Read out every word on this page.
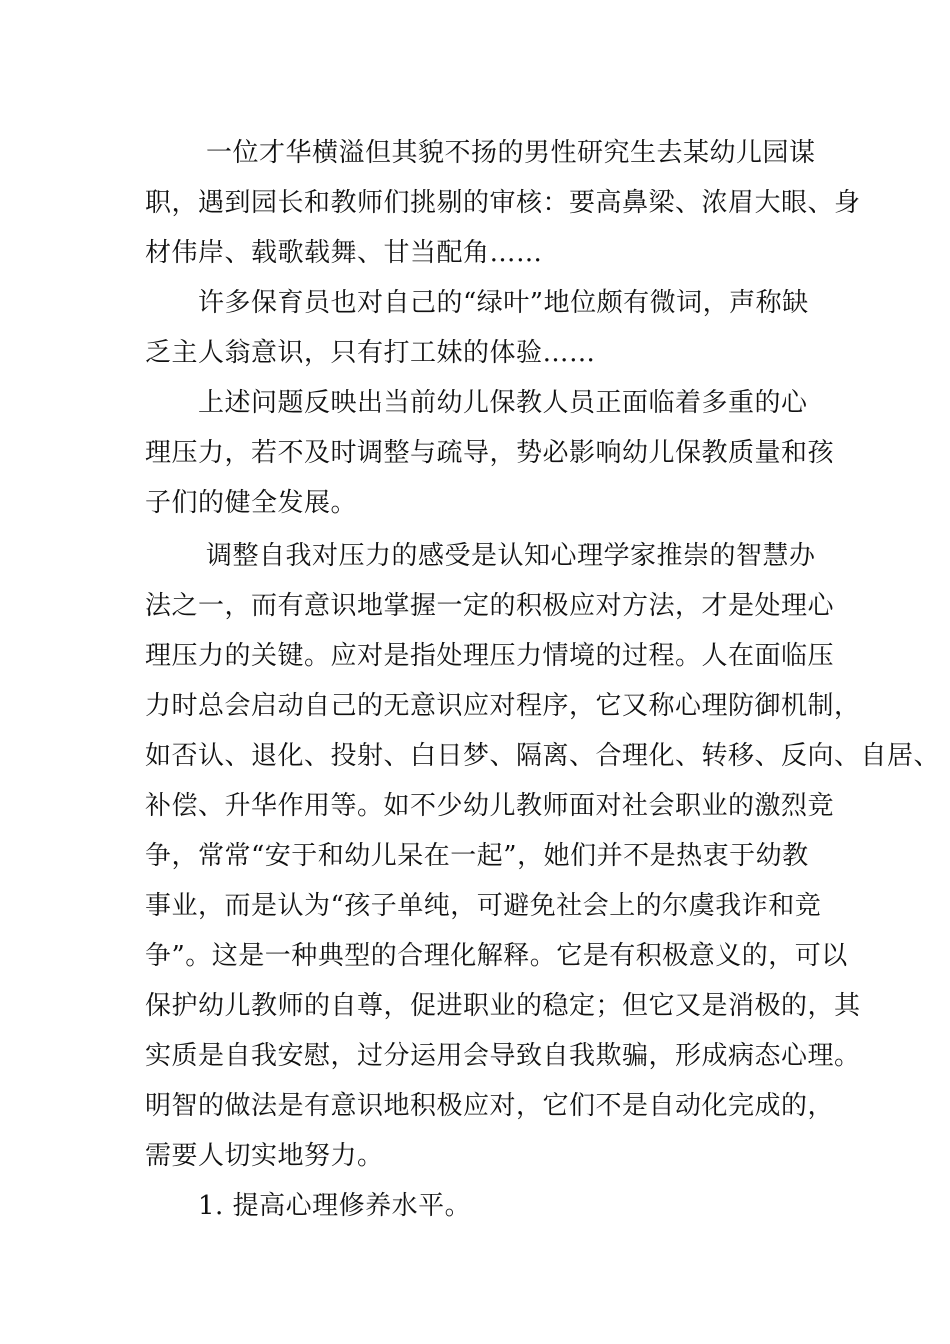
一位才华横溢但其貌不扬的男性研究生去某幼儿园谋
职，遇到园长和教师们挑剔的审核：要高鼻梁、浓眉大眼、身
材伟岸、载歌载舞、甘当配角……
许多保育员也对自己的“绿叶”地位颇有微词，声称缺
乏主人翁意识，只有打工妹的体验……
上述问题反映出当前幼儿保教人员正面临着多重的心
理压力，若不及时调整与疏导，势必影响幼儿保教质量和孩
子们的健全发展。
调整自我对压力的感受是认知心理学家推崇的智慧办
法之一，而有意识地掌握一定的积极应对方法，才是处理心
理压力的关键。应对是指处理压力情境的过程。人在面临压
力时总会启动自己的无意识应对程序，它又称心理防御机制，
如否认、退化、投射、白日梦、隔离、合理化、转移、反向、自居、
补偿、升华作用等。如不少幼儿教师面对社会职业的激烈竞
争，常常“安于和幼儿呆在一起”，她们并不是热衷于幼教
事业，而是认为“孩子单纯，可避免社会上的尔虞我诈和竞
争”。这是一种典型的合理化解释。它是有积极意义的，可以
保护幼儿教师的自尊，促进职业的稳定；但它又是消极的，其
实质是自我安慰，过分运用会导致自我欺骗，形成病态心理。
明智的做法是有意识地积极应对，它们不是自动化完成的，
需要人切实地努力。
1. 提高心理修养水平。
